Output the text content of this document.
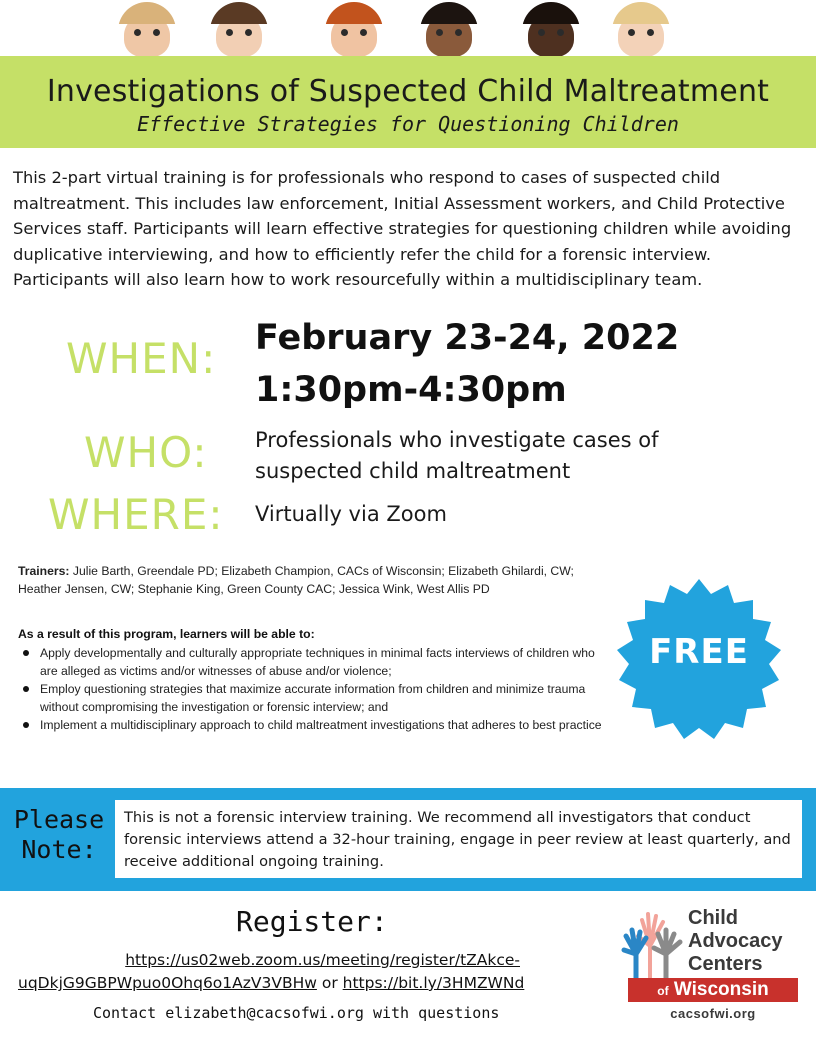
Investigations of Suspected Child Maltreatment
Effective Strategies for Questioning Children

This 2-part virtual training is for professionals who respond to cases of suspected child maltreatment. This includes law enforcement, Initial Assessment workers, and Child Protective Services staff. Participants will learn effective strategies for questioning children while avoiding duplicative interviewing, and how to efficiently refer the child for a forensic interview. Participants will also learn how to work resourcefully within a multidisciplinary team.

WHEN: February 23-24, 2022
1:30pm-4:30pm
WHO: Professionals who investigate cases of suspected child maltreatment
WHERE: Virtually via Zoom

Trainers: Julie Barth, Greendale PD; Elizabeth Champion, CACs of Wisconsin; Elizabeth Ghilardi, CW; Heather Jensen, CW; Stephanie King, Green County CAC; Jessica Wink, West Allis PD

As a result of this program, learners will be able to:
Apply developmentally and culturally appropriate techniques in minimal facts interviews of children who are alleged as victims and/or witnesses of abuse and/or violence;
Employ questioning strategies that maximize accurate information from children and minimize trauma without compromising the investigation or forensic interview; and
Implement a multidisciplinary approach to child maltreatment investigations that adheres to best practice
FREE
Please
Note:

This is not a forensic interview training. We recommend all investigators that conduct forensic interviews attend a 32-hour training, engage in peer review at least quarterly, and receive additional ongoing training.

Register:
https://us02web.zoom.us/meeting/register/tZAkce-
uqDkjG9GBPWpuo0Ohq6o1AzV3VBHw or https://bit.ly/3HMZWNd
Contact elizabeth@cacsofwi.org with questions
Child
Advocacy
Centers
of Wisconsin
cacsofwi.org
